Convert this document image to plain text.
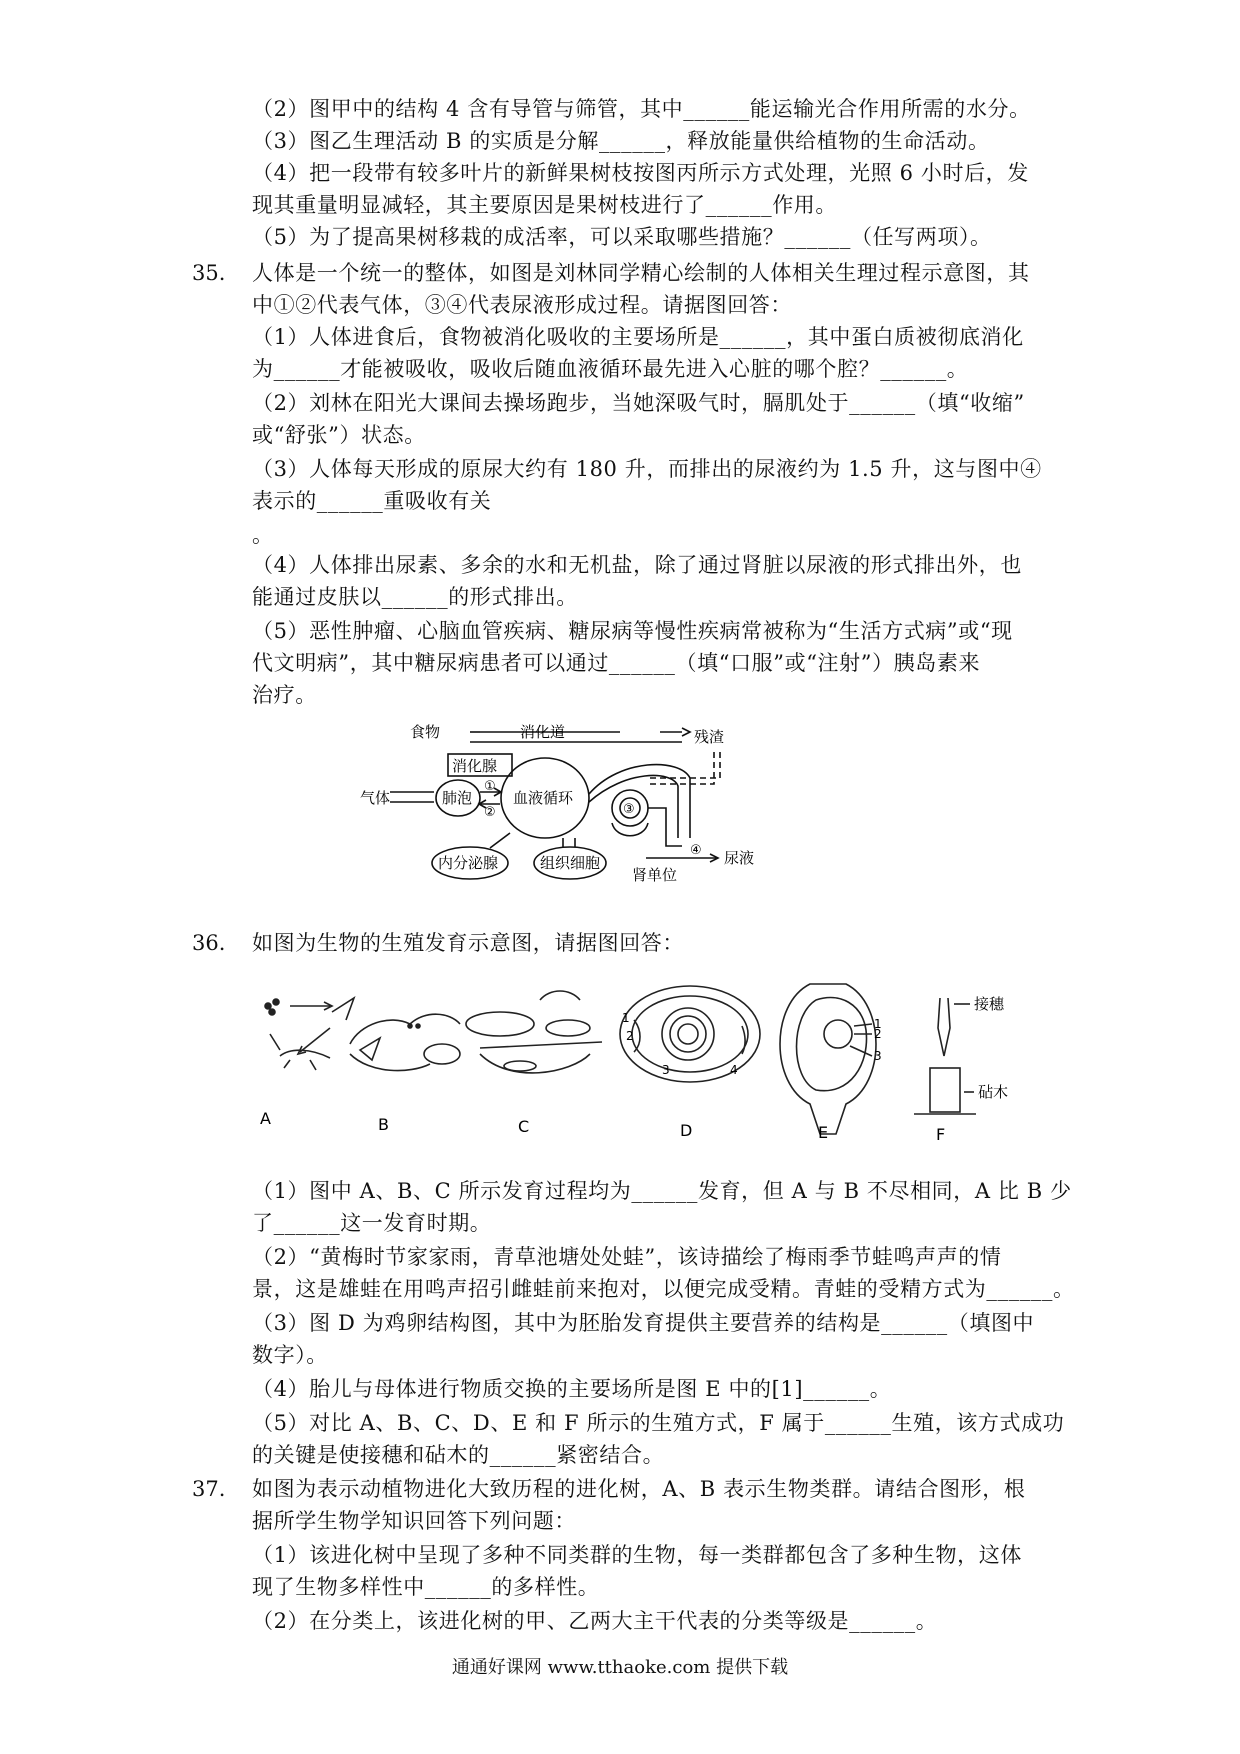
（2）图甲中的结构 4 含有导管与筛管，其中______能运输光合作用所需的水分。
（3）图乙生理活动 B 的实质是分解______，释放能量供给植物的生命活动。
（4）把一段带有较多叶片的新鲜果树枝按图丙所示方式处理，光照 6 小时后，发
现其重量明显减轻，其主要原因是果树枝进行了______作用。
（5）为了提高果树移栽的成活率，可以采取哪些措施？______（任写两项）。
35. 人体是一个统一的整体，如图是刘林同学精心绘制的人体相关生理过程示意图，其
中①②代表气体，③④代表尿液形成过程。请据图回答：
（1）人体进食后，食物被消化吸收的主要场所是______，其中蛋白质被彻底消化
为______才能被吸收，吸收后随血液循环最先进入心脏的哪个腔？______。
（2）刘林在阳光大课间去操场跑步，当她深吸气时，膈肌处于______（填“收缩”
或“舒张”）状态。
（3）人体每天形成的原尿大约有 180 升，而排出的尿液约为 1.5 升，这与图中④
表示的______重吸收有关
。
（4）人体排出尿素、多余的水和无机盐，除了通过肾脏以尿液的形式排出外，也
能通过皮肤以______的形式排出。
（5）恶性肿瘤、心脑血管疾病、糖尿病等慢性疾病常被称为“生活方式病”或“现
代文明病”，其中糖尿病患者可以通过______（填“口服”或“注射”）胰岛素来
治疗。
食物	消化道	残渣
消化腺
气体	肺泡	血液循环
①
②	③
④
内分泌腺	组织细胞
肾单位
尿液
36. 如图为生物的生殖发育示意图，请据图回答：
A	B	C	D	E	F
1
2
3	4
1
2
3
接穗
砧木
（1）图中 A、B、C 所示发育过程均为______发育，但 A 与 B 不尽相同，A 比 B 少
了______这一发育时期。
（2）“黄梅时节家家雨，青草池塘处处蛙”，该诗描绘了梅雨季节蛙鸣声声的情
景，这是雄蛙在用鸣声招引雌蛙前来抱对，以便完成受精。青蛙的受精方式为______。
（3）图 D 为鸡卵结构图，其中为胚胎发育提供主要营养的结构是______（填图中
数字）。
（4）胎儿与母体进行物质交换的主要场所是图 E 中的[1]______。
（5）对比 A、B、C、D、E 和 F 所示的生殖方式，F 属于______生殖，该方式成功
的关键是使接穗和砧木的______紧密结合。
37. 如图为表示动植物进化大致历程的进化树，A、B 表示生物类群。请结合图形，根
据所学生物学知识回答下列问题：
（1）该进化树中呈现了多种不同类群的生物，每一类群都包含了多种生物，这体
现了生物多样性中______的多样性。
（2）在分类上，该进化树的甲、乙两大主干代表的分类等级是______。
通通好课网 www.tthaoke.com 提供下载
